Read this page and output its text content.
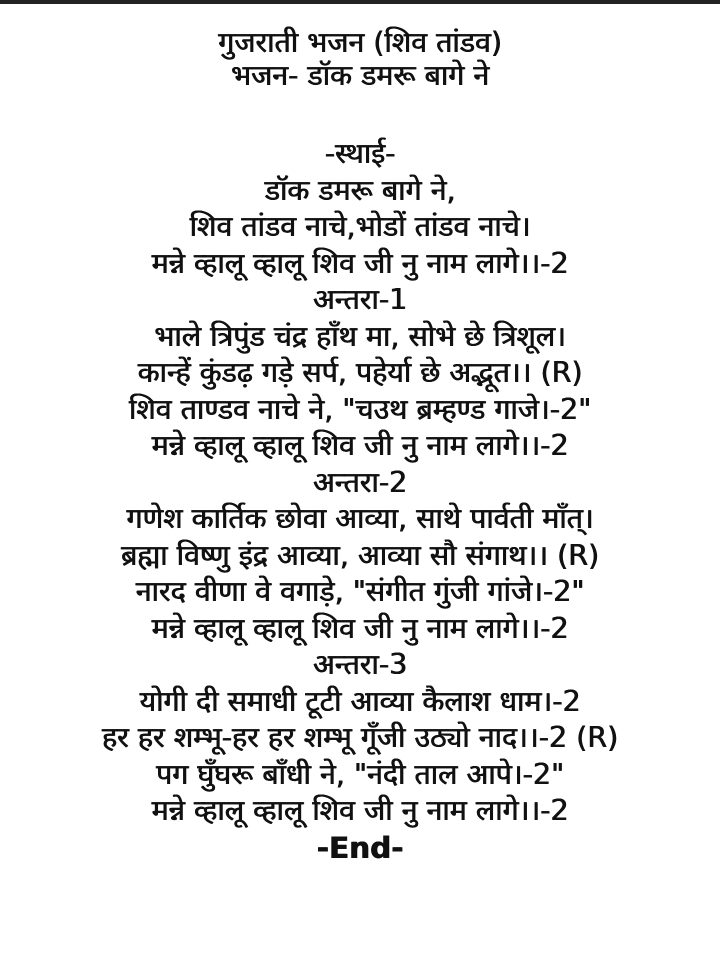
गुजराती भजन (शिव तांडव)
भजन- डॉक डमरू बागे ने
-स्थाई-
डॉक डमरू बागे ने,
शिव तांडव नाचे,भोडों तांडव नाचे।
मन्ने व्हालू व्हालू शिव जी नु नाम लागे।।-2
अन्तरा-1
भाले त्रिपुंड चंद्र हाँथ मा, सोभे छे त्रिशूल।
कान्हें कुंडढ़ गड़े सर्प, पहेर्या छे अद्भूत।। (R)
शिव ताण्डव नाचे ने, "चउथ ब्रम्हण्ड गाजे।-2"
मन्ने व्हालू व्हालू शिव जी नु नाम लागे।।-2
अन्तरा-2
गणेश कार्तिक छोवा आव्या, साथे पार्वती माँत्।
ब्रह्मा विष्णु इंद्र आव्या, आव्या सौ संगाथ।। (R)
नारद वीणा वे वगाड़े, "संगीत गुंजी गांजे।-2"
मन्ने व्हालू व्हालू शिव जी नु नाम लागे।।-2
अन्तरा-3
योगी दी समाधी टूटी आव्या कैलाश धाम।-2
हर हर शम्भू-हर हर शम्भू गूँजी उठ्यो नाद।।-2 (R)
पग घुँघरू बाँधी ने, "नंदी ताल आपे।-2"
मन्ने व्हालू व्हालू शिव जी नु नाम लागे।।-2
-End-
